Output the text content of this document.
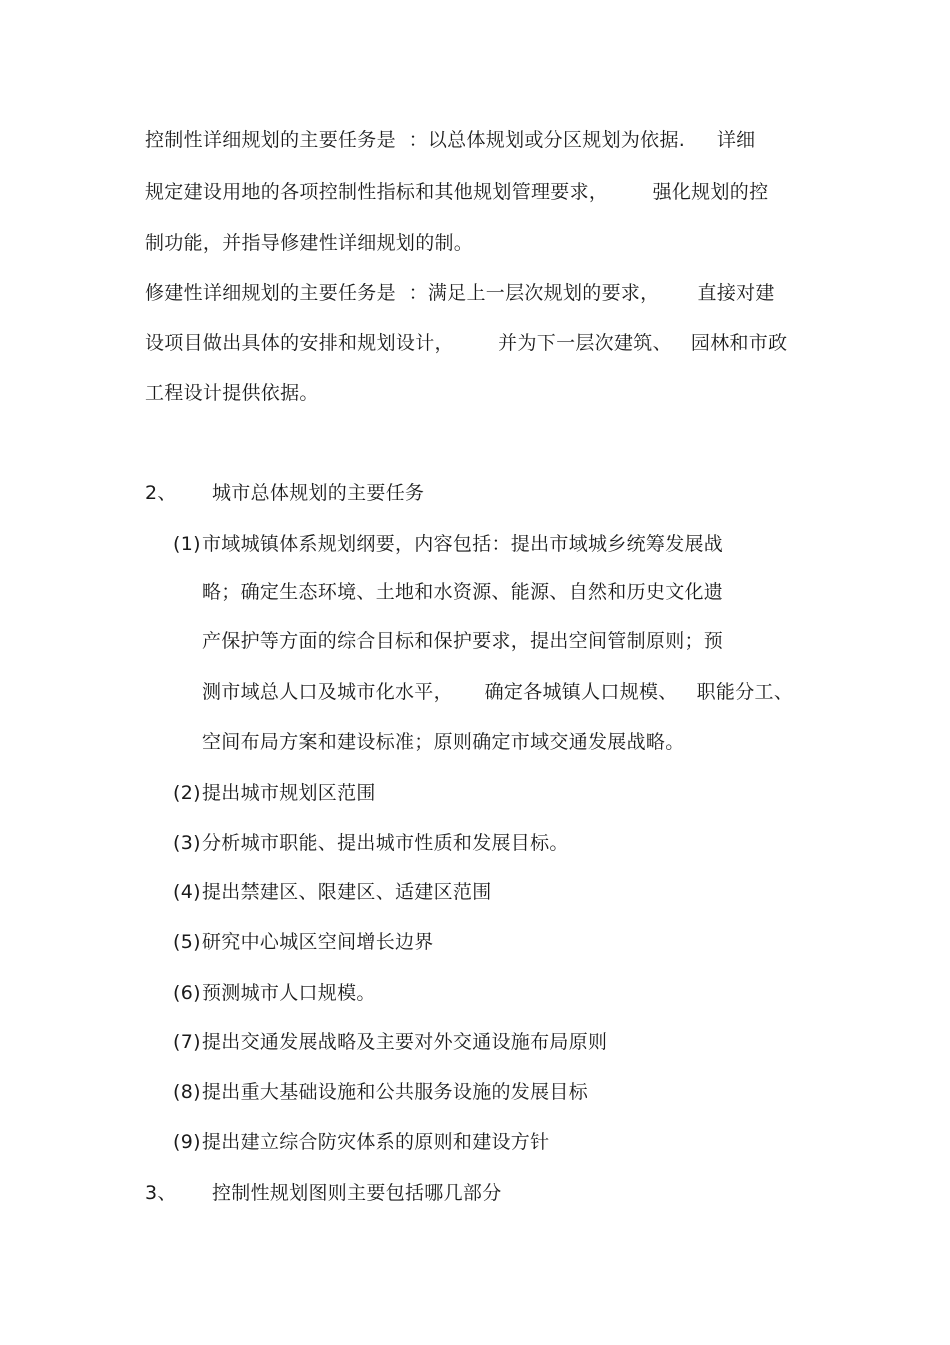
控制性详细规划的主要任务是  ：以总体规划或分区规划为依据.     详细
规定建设用地的各项控制性指标和其他规划管理要求，       强化规划的控
制功能，并指导修建性详细规划的制。
修建性详细规划的主要任务是  ：满足上一层次规划的要求，      直接对建
设项目做出具体的安排和规划设计，       并为下一层次建筑、   园林和市政
工程设计提供依据。
2、 城市总体规划的主要任务
(1) 市域城镇体系规划纲要，内容包括：提出市域城乡统筹发展战
略；确定生态环境、土地和水资源、能源、自然和历史文化遗
产保护等方面的综合目标和保护要求，提出空间管制原则；预
测市域总人口及城市化水平，     确定各城镇人口规模、   职能分工、
空间布局方案和建设标准；原则确定市域交通发展战略。
(2) 提出城市规划区范围
(3) 分析城市职能、提出城市性质和发展目标。
(4) 提出禁建区、限建区、适建区范围
(5) 研究中心城区空间增长边界
(6) 预测城市人口规模。
(7) 提出交通发展战略及主要对外交通设施布局原则
(8) 提出重大基础设施和公共服务设施的发展目标
(9) 提出建立综合防灾体系的原则和建设方针
3、 控制性规划图则主要包括哪几部分
